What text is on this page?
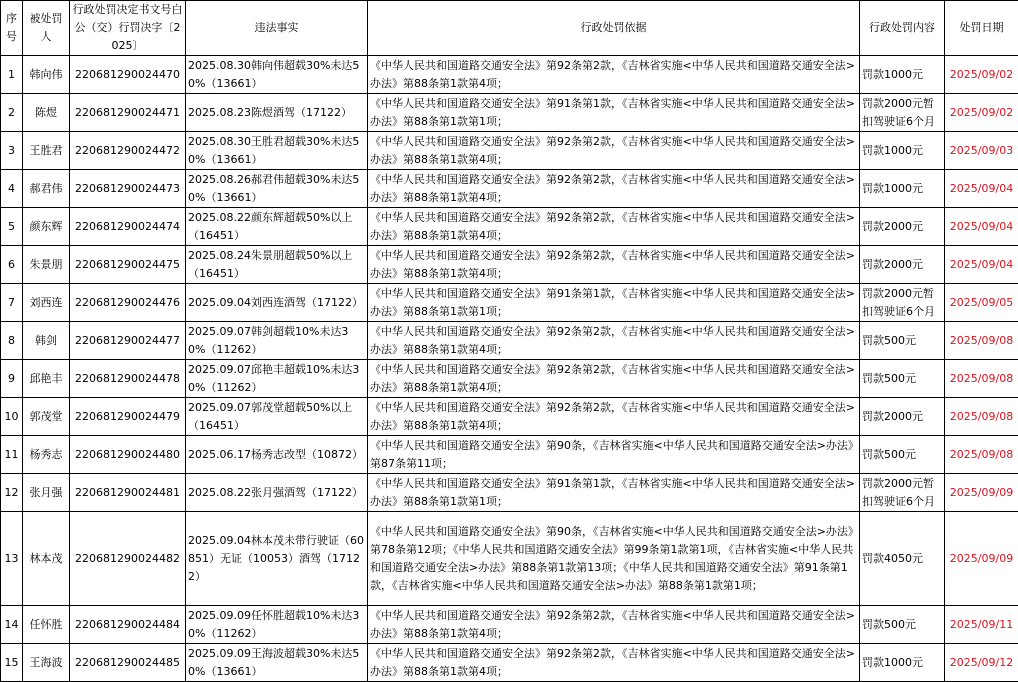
序号	被处罚人	行政处罚决定书文号白公（交）行罚决字〔2025〕	违法事实	行政处罚依据	行政处罚内容	处罚日期
1	韩向伟	220681290024470	2025.08.30韩向伟超载30%未达50%（13661）	《中华人民共和国道路交通安全法》第92条第2款，《吉林省实施<中华人民共和国道路交通安全法>办法》第88条第1款第4项；	罚款1000元	2025/09/02
2	陈煜	220681290024471	2025.08.23陈煜酒驾（17122）	《中华人民共和国道路交通安全法》第91条第1款，《吉林省实施<中华人民共和国道路交通安全法>办法》第88条第1款第1项；	罚款2000元暂扣驾驶证6个月	2025/09/02
3	王胜君	220681290024472	2025.08.30王胜君超载30%未达50%（13661）	《中华人民共和国道路交通安全法》第92条第2款，《吉林省实施<中华人民共和国道路交通安全法>办法》第88条第1款第4项；	罚款1000元	2025/09/03
4	郝君伟	220681290024473	2025.08.26郝君伟超载30%未达50%（13661）	《中华人民共和国道路交通安全法》第92条第2款，《吉林省实施<中华人民共和国道路交通安全法>办法》第88条第1款第4项；	罚款1000元	2025/09/04
5	颜东辉	220681290024474	2025.08.22颜东辉超载50%以上（16451）	《中华人民共和国道路交通安全法》第92条第2款，《吉林省实施<中华人民共和国道路交通安全法>办法》第88条第1款第4项；	罚款2000元	2025/09/04
6	朱景朋	220681290024475	2025.08.24朱景朋超载50%以上（16451）	《中华人民共和国道路交通安全法》第92条第2款，《吉林省实施<中华人民共和国道路交通安全法>办法》第88条第1款第4项；	罚款2000元	2025/09/04
7	刘西连	220681290024476	2025.09.04刘西连酒驾（17122）	《中华人民共和国道路交通安全法》第91条第1款，《吉林省实施<中华人民共和国道路交通安全法>办法》第88条第1款第1项；	罚款2000元暂扣驾驶证6个月	2025/09/05
8	韩剑	220681290024477	2025.09.07韩剑超载10%未达30%（11262）	《中华人民共和国道路交通安全法》第92条第2款，《吉林省实施<中华人民共和国道路交通安全法>办法》第88条第1款第4项；	罚款500元	2025/09/08
9	邱艳丰	220681290024478	2025.09.07邱艳丰超载10%未达30%（11262）	《中华人民共和国道路交通安全法》第92条第2款，《吉林省实施<中华人民共和国道路交通安全法>办法》第88条第1款第4项；	罚款500元	2025/09/08
10	郭茂堂	220681290024479	2025.09.07郭茂堂超载50%以上（16451）	《中华人民共和国道路交通安全法》第92条第2款，《吉林省实施<中华人民共和国道路交通安全法>办法》第88条第1款第4项；	罚款2000元	2025/09/08
11	杨秀志	220681290024480	2025.06.17杨秀志改型（10872）	《中华人民共和国道路交通安全法》第90条，《吉林省实施<中华人民共和国道路交通安全法>办法》第87条第11项；	罚款500元	2025/09/08
12	张月强	220681290024481	2025.08.22张月强酒驾（17122）	《中华人民共和国道路交通安全法》第91条第1款，《吉林省实施<中华人民共和国道路交通安全法>办法》第88条第1款第1项；	罚款2000元暂扣驾驶证6个月	2025/09/09
13	林本茂	220681290024482	2025.09.04林本茂未带行驶证（60851）无证（10053）酒驾（17122）	《中华人民共和国道路交通安全法》第90条，《吉林省实施<中华人民共和国道路交通安全法>办法》第78条第12项；《中华人民共和国道路交通安全法》第99条第1款第1项，《吉林省实施<中华人民共和国道路交通安全法>办法》第88条第1款第13项；《中华人民共和国道路交通安全法》第91条第1款，《吉林省实施<中华人民共和国道路交通安全法>办法》第88条第1款第1项；	罚款4050元	2025/09/09
14	任怀胜	220681290024484	2025.09.09任怀胜超载10%未达30%（11262）	《中华人民共和国道路交通安全法》第92条第2款，《吉林省实施<中华人民共和国道路交通安全法>办法》第88条第1款第4项；	罚款500元	2025/09/11
15	王海波	220681290024485	2025.09.09王海波超载30%未达50%（13661）	《中华人民共和国道路交通安全法》第92条第2款，《吉林省实施<中华人民共和国道路交通安全法>办法》第88条第1款第4项；	罚款1000元	2025/09/12
